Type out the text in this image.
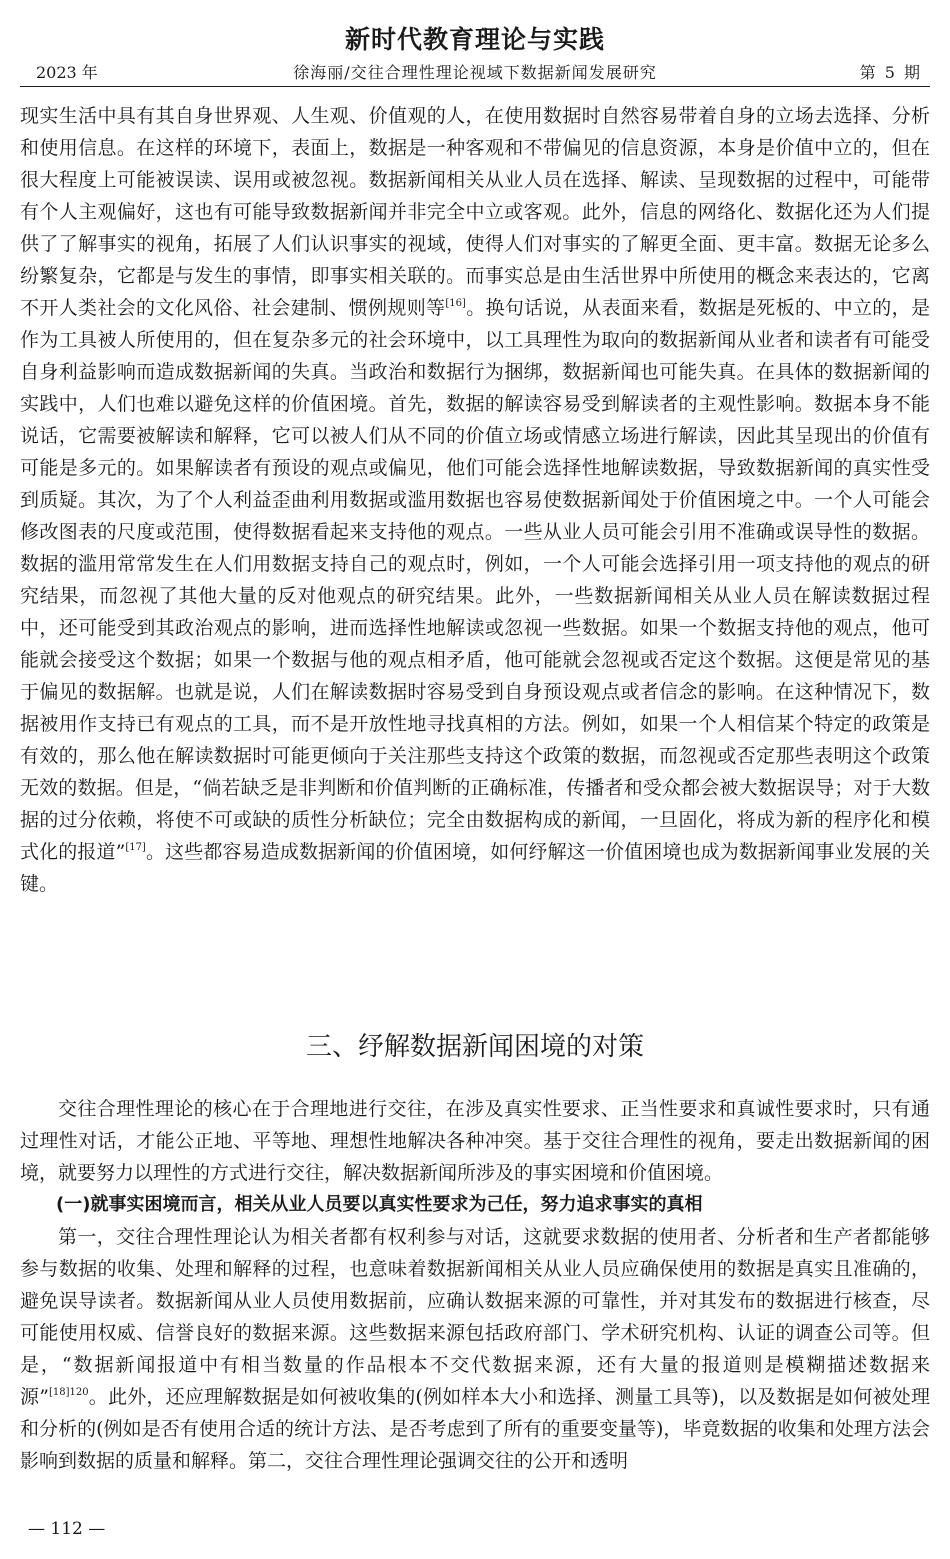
新时代教育理论与实践
2023 年	徐海丽/交往合理性理论视域下数据新闻发展研究	第 5 期

现实生活中具有其自身世界观、人生观、价值观的人，在使用数据时自然容易带着自身的立场去选择、分析和使用信息。在这样的环境下，表面上，数据是一种客观和不带偏见的信息资源，本身是价值中立的，但在很大程度上可能被误读、误用或被忽视。数据新闻相关从业人员在选择、解读、呈现数据的过程中，可能带有个人主观偏好，这也有可能导致数据新闻并非完全中立或客观。此外，信息的网络化、数据化还为人们提供了了解事实的视角，拓展了人们认识事实的视域，使得人们对事实的了解更全面、更丰富。数据无论多么纷繁复杂，它都是与发生的事情，即事实相关联的。而事实总是由生活世界中所使用的概念来表达的，它离不开人类社会的文化风俗、社会建制、惯例规则等[16]。换句话说，从表面来看，数据是死板的、中立的，是作为工具被人所使用的，但在复杂多元的社会环境中，以工具理性为取向的数据新闻从业者和读者有可能受自身利益影响而造成数据新闻的失真。当政治和数据行为捆绑，数据新闻也可能失真。在具体的数据新闻的实践中，人们也难以避免这样的价值困境。首先，数据的解读容易受到解读者的主观性影响。数据本身不能说话，它需要被解读和解释，它可以被人们从不同的价值立场或情感立场进行解读，因此其呈现出的价值有可能是多元的。如果解读者有预设的观点或偏见，他们可能会选择性地解读数据，导致数据新闻的真实性受到质疑。其次，为了个人利益歪曲利用数据或滥用数据也容易使数据新闻处于价值困境之中。一个人可能会修改图表的尺度或范围，使得数据看起来支持他的观点。一些从业人员可能会引用不准确或误导性的数据。数据的滥用常常发生在人们用数据支持自己的观点时，例如，一个人可能会选择引用一项支持他的观点的研究结果，而忽视了其他大量的反对他观点的研究结果。此外，一些数据新闻相关从业人员在解读数据过程中，还可能受到其政治观点的影响，进而选择性地解读或忽视一些数据。如果一个数据支持他的观点，他可能就会接受这个数据；如果一个数据与他的观点相矛盾，他可能就会忽视或否定这个数据。这便是常见的基于偏见的数据解。也就是说，人们在解读数据时容易受到自身预设观点或者信念的影响。在这种情况下，数据被用作支持已有观点的工具，而不是开放性地寻找真相的方法。例如，如果一个人相信某个特定的政策是有效的，那么他在解读数据时可能更倾向于关注那些支持这个政策的数据，而忽视或否定那些表明这个政策无效的数据。但是，“倘若缺乏是非判断和价值判断的正确标准，传播者和受众都会被大数据误导；对于大数据的过分依赖，将使不可或缺的质性分析缺位；完全由数据构成的新闻，一旦固化，将成为新的程序化和模式化的报道”[17]。这些都容易造成数据新闻的价值困境，如何纾解这一价值困境也成为数据新闻事业发展的关键。

三、纾解数据新闻困境的对策

交往合理性理论的核心在于合理地进行交往，在涉及真实性要求、正当性要求和真诚性要求时，只有通过理性对话，才能公正地、平等地、理想性地解决各种冲突。基于交往合理性的视角，要走出数据新闻的困境，就要努力以理性的方式进行交往，解决数据新闻所涉及的事实困境和价值困境。

(一)就事实困境而言，相关从业人员要以真实性要求为己任，努力追求事实的真相

第一，交往合理性理论认为相关者都有权利参与对话，这就要求数据的使用者、分析者和生产者都能够参与数据的收集、处理和解释的过程，也意味着数据新闻相关从业人员应确保使用的数据是真实且准确的，避免误导读者。数据新闻从业人员使用数据前，应确认数据来源的可靠性，并对其发布的数据进行核查，尽可能使用权威、信誉良好的数据来源。这些数据来源包括政府部门、学术研究机构、认证的调查公司等。但是，“数据新闻报道中有相当数量的作品根本不交代数据来源，还有大量的报道则是模糊描述数据来源”$^{[18]120}$。此外，还应理解数据是如何被收集的(例如样本大小和选择、测量工具等)，以及数据是如何被处理和分析的(例如是否有使用合适的统计方法、是否考虑到了所有的重要变量等)，毕竟数据的收集和处理方法会影响到数据的质量和解释。第二，交往合理性理论强调交往的公开和透明

— 112 —
